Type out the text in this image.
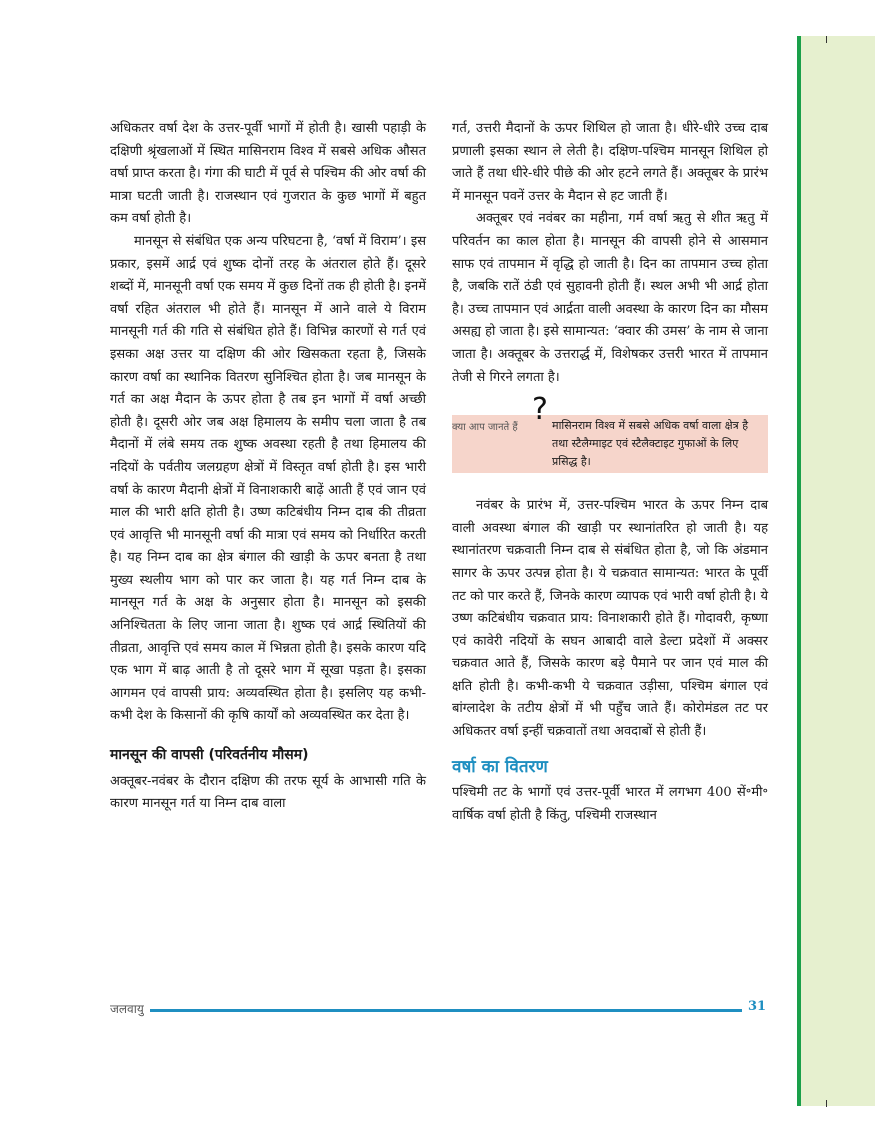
अधिकतर वर्षा देश के उत्तर-पूर्वी भागों में होती है। खासी पहाड़ी के दक्षिणी श्रृंखलाओं में स्थित मासिनराम विश्व में सबसे अधिक औसत वर्षा प्राप्त करता है। गंगा की घाटी में पूर्व से पश्चिम की ओर वर्षा की मात्रा घटती जाती है। राजस्थान एवं गुजरात के कुछ भागों में बहुत कम वर्षा होती है।

मानसून से संबंधित एक अन्य परिघटना है, ‘वर्षा में विराम’। इस प्रकार, इसमें आर्द्र एवं शुष्क दोनों तरह के अंतराल होते हैं। दूसरे शब्दों में, मानसूनी वर्षा एक समय में कुछ दिनों तक ही होती है। इनमें वर्षा रहित अंतराल भी होते हैं। मानसून में आने वाले ये विराम मानसूनी गर्त की गति से संबंधित होते हैं। विभिन्न कारणों से गर्त एवं इसका अक्ष उत्तर या दक्षिण की ओर खिसकता रहता है, जिसके कारण वर्षा का स्थानिक वितरण सुनिश्चित होता है। जब मानसून के गर्त का अक्ष मैदान के ऊपर होता है तब इन भागों में वर्षा अच्छी होती है। दूसरी ओर जब अक्ष हिमालय के समीप चला जाता है तब मैदानों में लंबे समय तक शुष्क अवस्था रहती है तथा हिमालय की नदियों के पर्वतीय जलग्रहण क्षेत्रों में विस्तृत वर्षा होती है। इस भारी वर्षा के कारण मैदानी क्षेत्रों में विनाशकारी बाढ़ें आती हैं एवं जान एवं माल की भारी क्षति होती है। उष्ण कटिबंधीय निम्न दाब की तीव्रता एवं आवृत्ति भी मानसूनी वर्षा की मात्रा एवं समय को निर्धारित करती है। यह निम्न दाब का क्षेत्र बंगाल की खाड़ी के ऊपर बनता है तथा मुख्य स्थलीय भाग को पार कर जाता है। यह गर्त निम्न दाब के मानसून गर्त के अक्ष के अनुसार होता है। मानसून को इसकी अनिश्चितता के लिए जाना जाता है। शुष्क एवं आर्द्र स्थितियों की तीव्रता, आवृत्ति एवं समय काल में भिन्नता होती है। इसके कारण यदि एक भाग में बाढ़ आती है तो दूसरे भाग में सूखा पड़ता है। इसका आगमन एवं वापसी प्राय: अव्यवस्थित होता है। इसलिए यह कभी-कभी देश के किसानों की कृषि कार्यों को अव्यवस्थित कर देता है।

मानसून की वापसी (परिवर्तनीय मौसम)

अक्तूबर-नवंबर के दौरान दक्षिण की तरफ सूर्य के आभासी गति के कारण मानसून गर्त या निम्न दाब वाला

गर्त, उत्तरी मैदानों के ऊपर शिथिल हो जाता है। धीरे-धीरे उच्च दाब प्रणाली इसका स्थान ले लेती है। दक्षिण-पश्चिम मानसून शिथिल हो जाते हैं तथा धीरे-धीरे पीछे की ओर हटने लगते हैं। अक्तूबर के प्रारंभ में मानसून पवनें उत्तर के मैदान से हट जाती हैं।

अक्तूबर एवं नवंबर का महीना, गर्म वर्षा ऋतु से शीत ऋतु में परिवर्तन का काल होता है। मानसून की वापसी होने से आसमान साफ एवं तापमान में वृद्धि हो जाती है। दिन का तापमान उच्च होता है, जबकि रातें ठंडी एवं सुहावनी होती हैं। स्थल अभी भी आर्द्र होता है। उच्च तापमान एवं आर्द्रता वाली अवस्था के कारण दिन का मौसम असह्य हो जाता है। इसे सामान्यत: ‘क्वार की उमस’ के नाम से जाना जाता है। अक्तूबर के उत्तरार्द्ध में, विशेषकर उत्तरी भारत में तापमान तेजी से गिरने लगता है।

क्या आप जानते हैं
? मासिनराम विश्व में सबसे अधिक वर्षा वाला क्षेत्र है तथा स्टैलैग्माइट एवं स्टैलैक्टाइट गुफाओं के लिए प्रसिद्ध है।

नवंबर के प्रारंभ में, उत्तर-पश्चिम भारत के ऊपर निम्न दाब वाली अवस्था बंगाल की खाड़ी पर स्थानांतरित हो जाती है। यह स्थानांतरण चक्रवाती निम्न दाब से संबंधित होता है, जो कि अंडमान सागर के ऊपर उत्पन्न होता है। ये चक्रवात सामान्यत: भारत के पूर्वी तट को पार करते हैं, जिनके कारण व्यापक एवं भारी वर्षा होती है। ये उष्ण कटिबंधीय चक्रवात प्राय: विनाशकारी होते हैं। गोदावरी, कृष्णा एवं कावेरी नदियों के सघन आबादी वाले डेल्टा प्रदेशों में अक्सर चक्रवात आते हैं, जिसके कारण बड़े पैमाने पर जान एवं माल की क्षति होती है। कभी-कभी ये चक्रवात उड़ीसा, पश्चिम बंगाल एवं बांग्लादेश के तटीय क्षेत्रों में भी पहुँच जाते हैं। कोरोमंडल तट पर अधिकतर वर्षा इन्हीं चक्रवातों तथा अवदाबों से होती हैं।

वर्षा का वितरण

पश्चिमी तट के भागों एवं उत्तर-पूर्वी भारत में लगभग 400 सें॰मी॰ वार्षिक वर्षा होती है किंतु, पश्चिमी राजस्थान

जलवायु	31
